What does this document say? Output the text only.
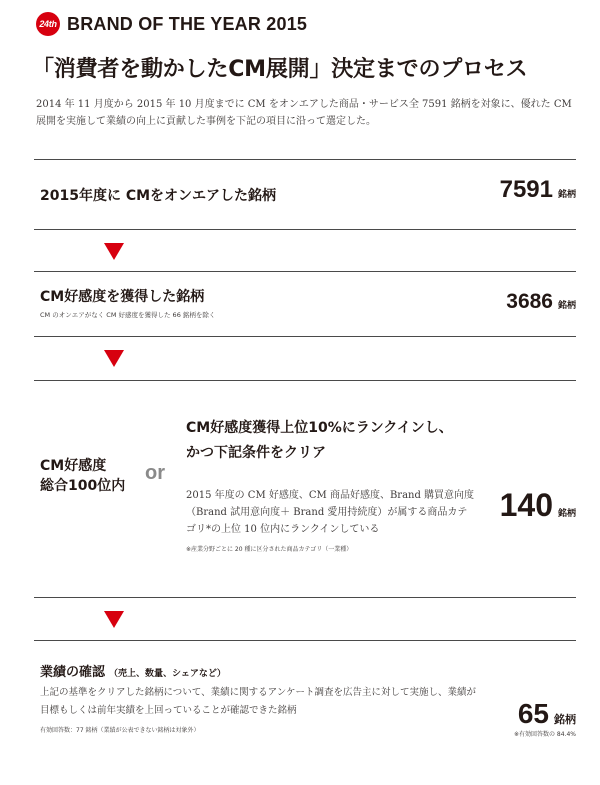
24th BRAND OF THE YEAR 2015
「消費者を動かしたCM展開」決定までのプロセス
2014 年 11 月度から 2015 年 10 月度までに CM をオンエアした商品・サービス全 7591 銘柄を対象に、優れた CM 展開を実施して業績の向上に貢献した事例を下記の項目に沿って選定した。
2015年度に CMをオンエアした銘柄	7591 銘柄
CM好感度を獲得した銘柄
CM のオンエアがなく CM 好感度を獲得した 66 銘柄を除く
3686 銘柄
CM好感度
総合100位内
or
CM好感度獲得上位10%にランクインし、
かつ下記条件をクリア
2015 年度の CM 好感度、CM 商品好感度、Brand 購買意向度（Brand 試用意向度＋ Brand 愛用持続度）が属する商品カテゴリ*の上位 10 位内にランクインしている
※産業分野ごとに 20 種に区分された商品カテゴリ（一業種）
140 銘柄
業績の確認 （売上、数量、シェアなど）
上記の基準をクリアした銘柄について、業績に関するアンケート調査を広告主に対して実施し、業績が目標もしくは前年実績を上回っていることが確認できた銘柄
有効回答数：77 銘柄（業績が公表できない銘柄は対象外）
65 銘柄
※有効回答数の 84.4%
